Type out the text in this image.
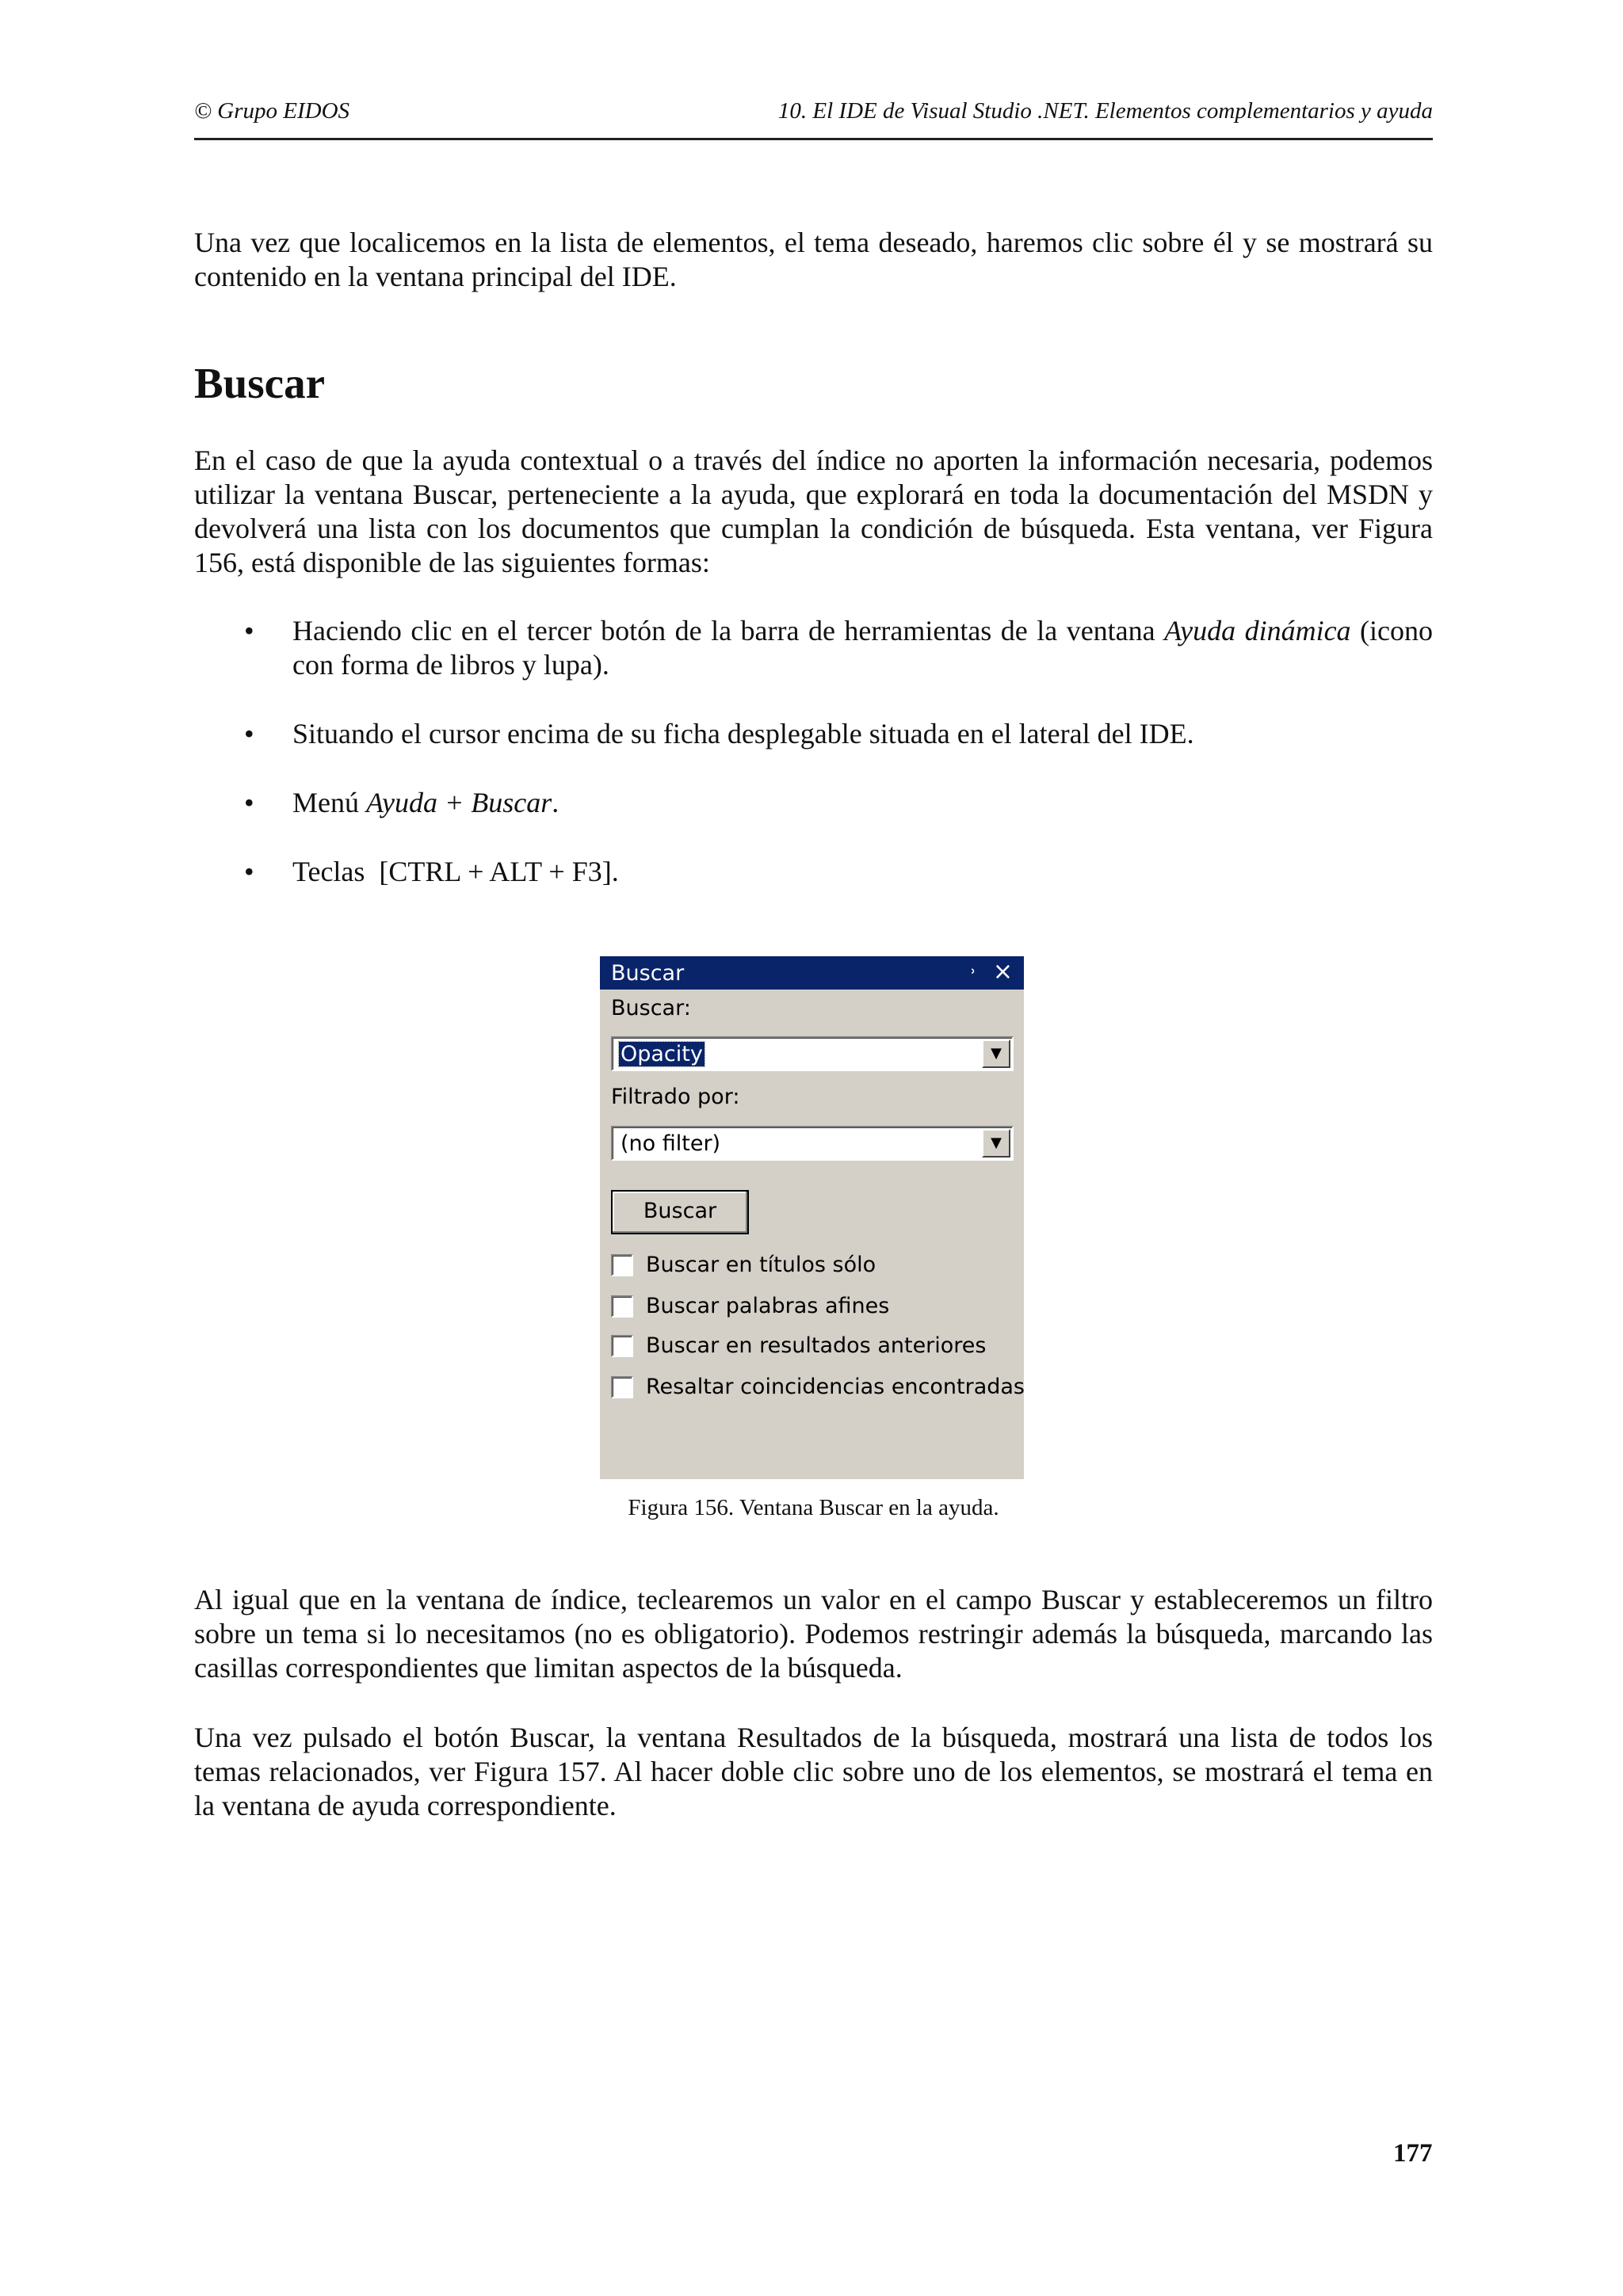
© Grupo EIDOS	10. El IDE de Visual Studio .NET. Elementos complementarios y ayuda

Una vez que localicemos en la lista de elementos, el tema deseado, haremos clic sobre él y se mostrará su contenido en la ventana principal del IDE.

Buscar

En el caso de que la ayuda contextual o a través del índice no aporten la información necesaria, podemos utilizar la ventana Buscar, perteneciente a la ayuda, que explorará en toda la documentación del MSDN y devolverá una lista con los documentos que cumplan la condición de búsqueda. Esta ventana, ver Figura 156, está disponible de las siguientes formas:

• Haciendo clic en el tercer botón de la barra de herramientas de la ventana Ayuda dinámica (icono con forma de libros y lupa).
• Situando el cursor encima de su ficha desplegable situada en el lateral del IDE.
• Menú Ayuda + Buscar.
• Teclas  [CTRL + ALT + F3].
Buscar	˒ ×
Buscar:
Opacity	▼
Filtrado por:
(no filter)	▼
Buscar
Buscar en títulos sólo
Buscar palabras afines
Buscar en resultados anteriores
Resaltar coincidencias encontradas
Figura 156. Ventana Buscar en la ayuda.

Al igual que en la ventana de índice, teclearemos un valor en el campo Buscar y estableceremos un filtro sobre un tema si lo necesitamos (no es obligatorio). Podemos restringir además la búsqueda, marcando las casillas correspondientes que limitan aspectos de la búsqueda.

Una vez pulsado el botón Buscar, la ventana Resultados de la búsqueda, mostrará una lista de todos los temas relacionados, ver Figura 157. Al hacer doble clic sobre uno de los elementos, se mostrará el tema en la ventana de ayuda correspondiente.

177
